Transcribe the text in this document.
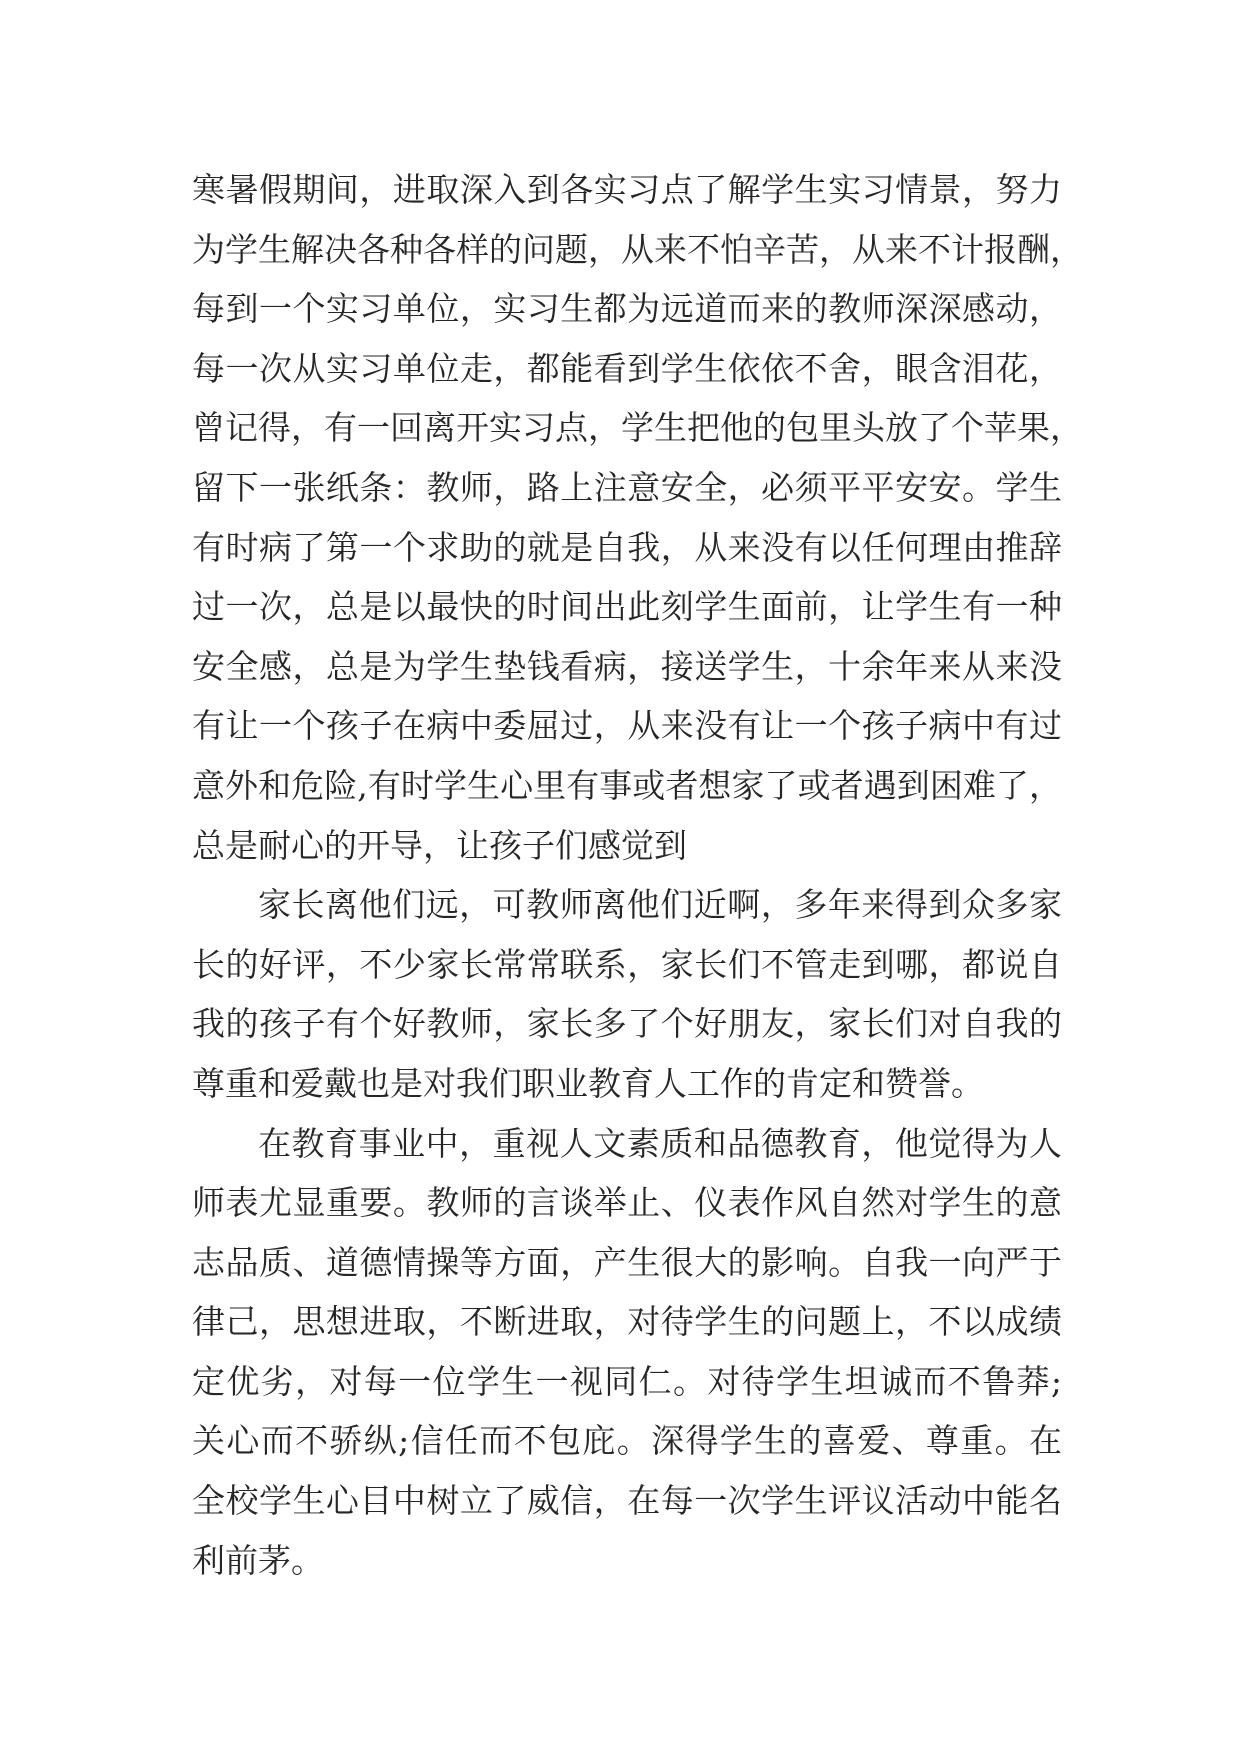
寒暑假期间，进取深入到各实习点了解学生实习情景，努力
为学生解决各种各样的问题，从来不怕辛苦，从来不计报酬，
每到一个实习单位，实习生都为远道而来的教师深深感动，
每一次从实习单位走，都能看到学生依依不舍，眼含泪花，
曾记得，有一回离开实习点，学生把他的包里头放了个苹果，
留下一张纸条：教师，路上注意安全，必须平平安安。学生
有时病了第一个求助的就是自我，从来没有以任何理由推辞
过一次，总是以最快的时间出此刻学生面前，让学生有一种
安全感，总是为学生垫钱看病，接送学生，十余年来从来没
有让一个孩子在病中委屈过，从来没有让一个孩子病中有过
意外和危险,有时学生心里有事或者想家了或者遇到困难了，
总是耐心的开导，让孩子们感觉到
家长离他们远，可教师离他们近啊，多年来得到众多家
长的好评，不少家长常常联系，家长们不管走到哪，都说自
我的孩子有个好教师，家长多了个好朋友，家长们对自我的
尊重和爱戴也是对我们职业教育人工作的肯定和赞誉。
在教育事业中，重视人文素质和品德教育，他觉得为人
师表尤显重要。教师的言谈举止、仪表作风自然对学生的意
志品质、道德情操等方面，产生很大的影响。自我一向严于
律己，思想进取，不断进取，对待学生的问题上，不以成绩
定优劣，对每一位学生一视同仁。对待学生坦诚而不鲁莽;
关心而不骄纵;信任而不包庇。深得学生的喜爱、尊重。在
全校学生心目中树立了威信，在每一次学生评议活动中能名
利前茅。
